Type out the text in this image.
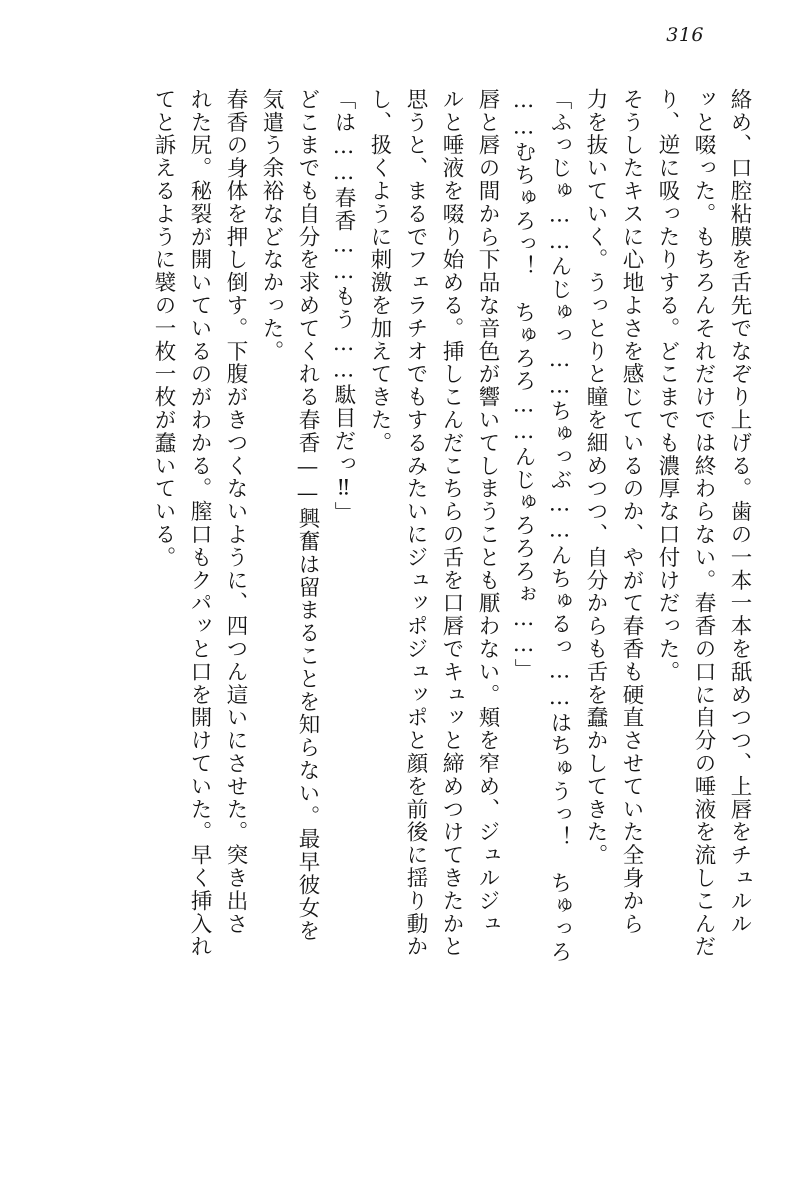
316
絡め、口腔粘膜を舌先でなぞり上げる。歯の一本一本を舐めつつ、上唇をチュルル
ッと啜った。もちろんそれだけでは終わらない。春香の口に自分の唾液を流しこんだ
り、逆に吸ったりする。どこまでも濃厚な口付けだった。
そうしたキスに心地よさを感じているのか、やがて春香も硬直させていた全身から
力を抜いていく。うっとりと瞳を細めつつ、自分からも舌を蠢かしてきた。
「ふっじゅ……んじゅっ……ちゅっぶ……んちゅるっ……はちゅうっ！　ちゅっろ
……むちゅろっ！　ちゅろろ……んじゅろろろぉ……」
唇と唇の間から下品な音色が響いてしまうことも厭わない。頬を窄め、ジュルジュ
ルと唾液を啜り始める。挿しこんだこちらの舌を口唇でキュッと締めつけてきたかと
思うと、まるでフェラチオでもするみたいにジュッポジュッポと顔を前後に揺り動か
し、扱くように刺激を加えてきた。
「は……春香……もう……駄目だっ‼」
どこまでも自分を求めてくれる春香——興奮は留まることを知らない。最早彼女を
気遣う余裕などなかった。
春香の身体を押し倒す。下腹がきつくないように、四つん這いにさせた。突き出さ
れた尻。秘裂が開いているのがわかる。膣口もクパッと口を開けていた。早く挿入れ
てと訴えるように襞の一枚一枚が蠢いている。
